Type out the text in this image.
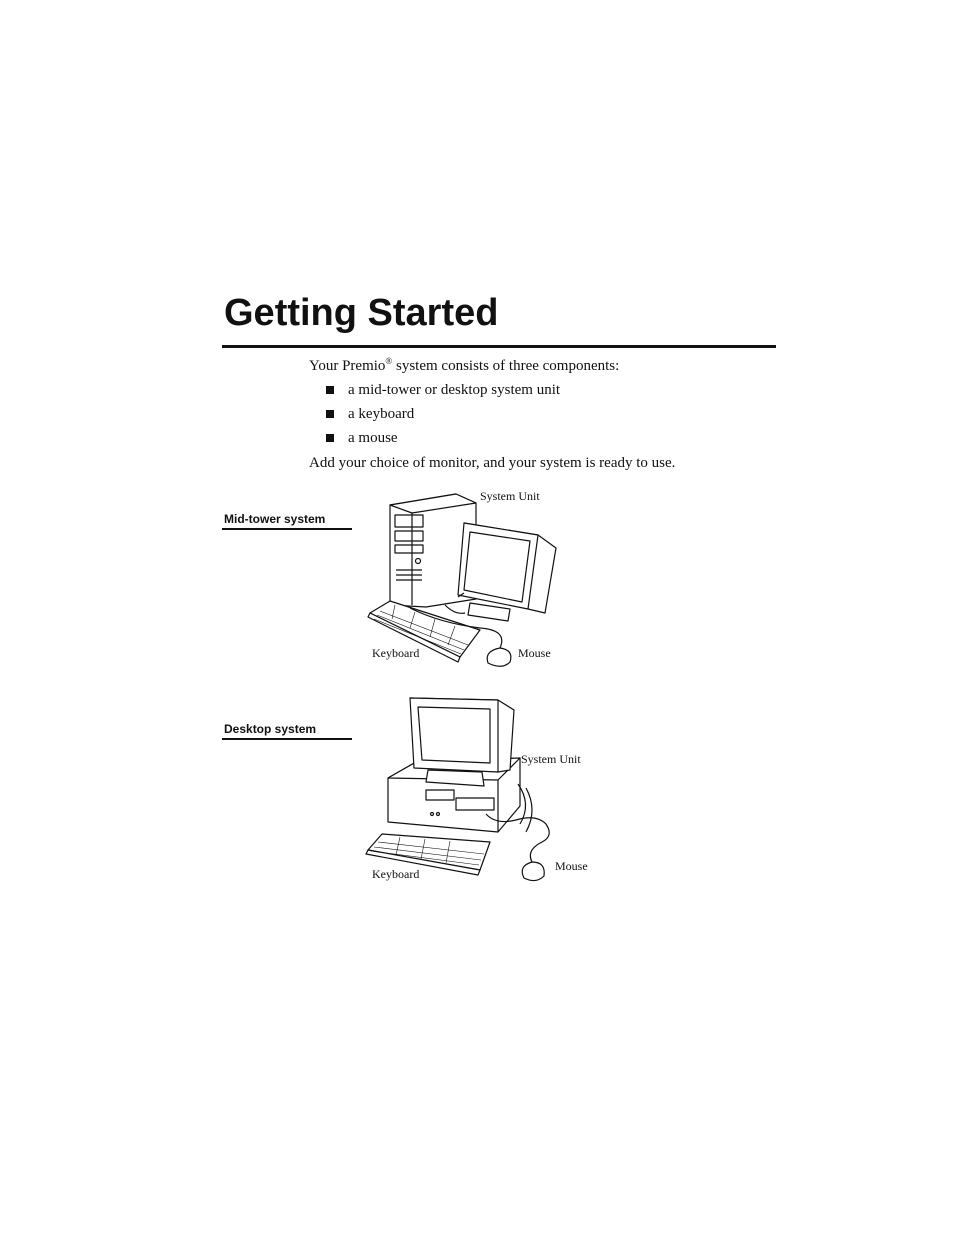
Getting Started
Your Premio® system consists of three components:
a mid-tower or desktop system unit
a keyboard
a mouse
Add your choice of monitor, and your system is ready to use.
Mid-tower system
System Unit
Keyboard	Mouse
Desktop system
System Unit
Keyboard
Mouse
